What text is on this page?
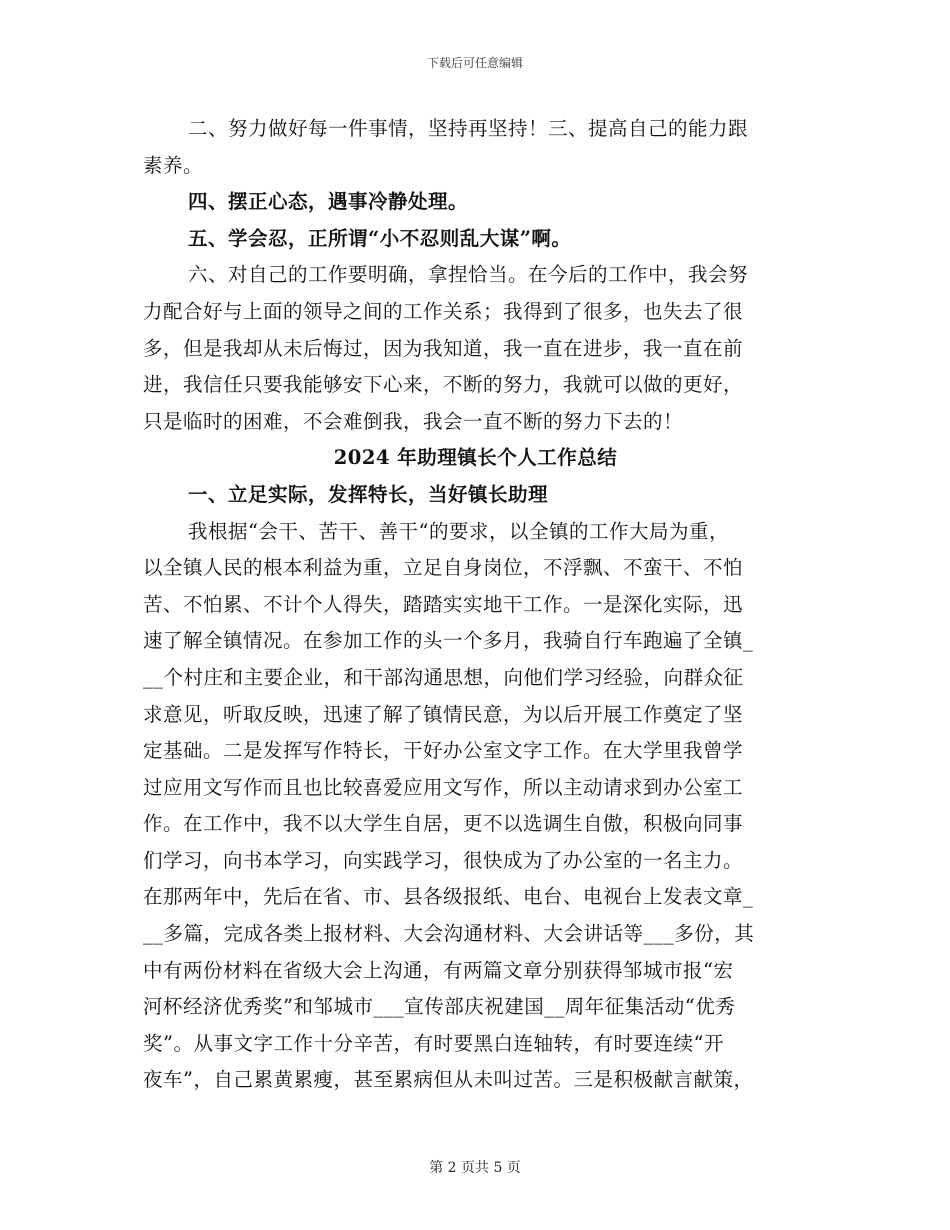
下载后可任意编辑
二、努力做好每一件事情，坚持再坚持！三、提高自己的能力跟
素养。
四、摆正心态，遇事冷静处理。
五、学会忍，正所谓“小不忍则乱大谋”啊。
六、对自己的工作要明确，拿捏恰当。在今后的工作中，我会努
力配合好与上面的领导之间的工作关系；我得到了很多，也失去了很
多，但是我却从未后悔过，因为我知道，我一直在进步，我一直在前
进，我信任只要我能够安下心来，不断的努力，我就可以做的更好，
只是临时的困难，不会难倒我，我会一直不断的努力下去的！
2024 年助理镇长个人工作总结
一、立足实际，发挥特长，当好镇长助理
我根据“会干、苦干、善干“的要求，以全镇的工作大局为重，
以全镇人民的根本利益为重，立足自身岗位，不浮飘、不蛮干、不怕
苦、不怕累、不计个人得失，踏踏实实地干工作。一是深化实际，迅
速了解全镇情况。在参加工作的头一个多月，我骑自行车跑遍了全镇_
__个村庄和主要企业，和干部沟通思想，向他们学习经验，向群众征
求意见，听取反映，迅速了解了镇情民意，为以后开展工作奠定了坚
定基础。二是发挥写作特长，干好办公室文字工作。在大学里我曾学
过应用文写作而且也比较喜爱应用文写作，所以主动请求到办公室工
作。在工作中，我不以大学生自居，更不以选调生自傲，积极向同事
们学习，向书本学习，向实践学习，很快成为了办公室的一名主力。
在那两年中，先后在省、市、县各级报纸、电台、电视台上发表文章_
__多篇，完成各类上报材料、大会沟通材料、大会讲话等___多份，其
中有两份材料在省级大会上沟通，有两篇文章分别获得邹城市报“宏
河杯经济优秀奖”和邹城市___宣传部庆祝建国__周年征集活动“优秀
奖”。从事文字工作十分辛苦，有时要黑白连轴转，有时要连续“开
夜车”，自己累黄累瘦，甚至累病但从未叫过苦。三是积极献言献策，
第 2 页共 5 页
